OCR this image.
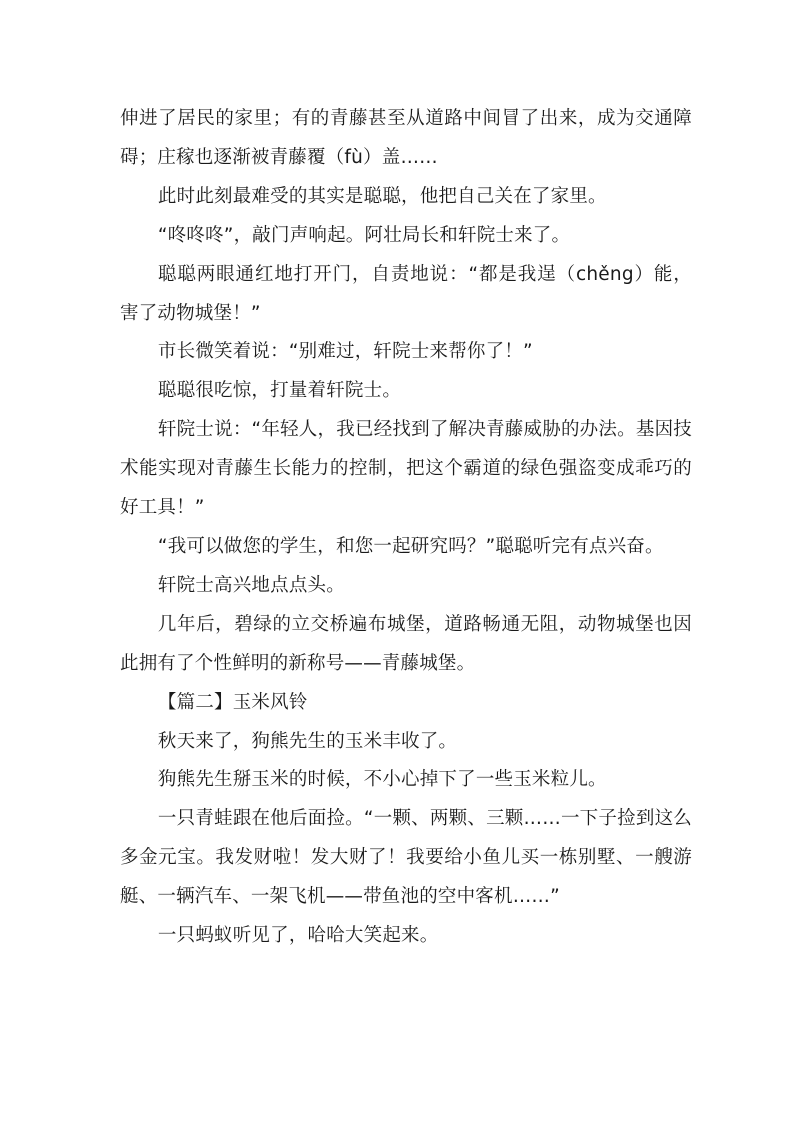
伸进了居民的家里；有的青藤甚至从道路中间冒了出来，成为交通障碍；庄稼也逐渐被青藤覆（fù）盖……

此时此刻最难受的其实是聪聪，他把自己关在了家里。

“咚咚咚”，敲门声响起。阿壮局长和轩院士来了。

聪聪两眼通红地打开门，自责地说：“都是我逞（chěng）能，害了动物城堡！”

市长微笑着说：“别难过，轩院士来帮你了！”

聪聪很吃惊，打量着轩院士。

轩院士说：“年轻人，我已经找到了解决青藤威胁的办法。基因技术能实现对青藤生长能力的控制，把这个霸道的绿色强盗变成乖巧的好工具！”

“我可以做您的学生，和您一起研究吗？”聪聪听完有点兴奋。

轩院士高兴地点点头。

几年后，碧绿的立交桥遍布城堡，道路畅通无阻，动物城堡也因此拥有了个性鲜明的新称号——青藤城堡。

【篇二】玉米风铃

秋天来了，狗熊先生的玉米丰收了。

狗熊先生掰玉米的时候，不小心掉下了一些玉米粒儿。

一只青蛙跟在他后面捡。“一颗、两颗、三颗……一下子捡到这么多金元宝。我发财啦！发大财了！我要给小鱼儿买一栋别墅、一艘游艇、一辆汽车、一架飞机——带鱼池的空中客机……”

一只蚂蚁听见了，哈哈大笑起来。
